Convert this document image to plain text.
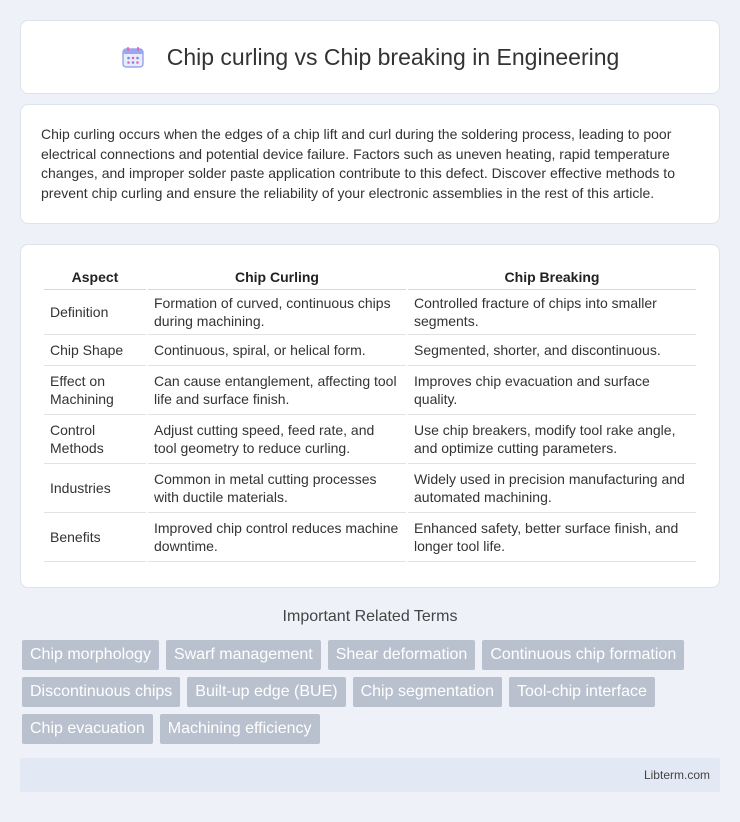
Chip curling vs Chip breaking in Engineering

Chip curling occurs when the edges of a chip lift and curl during the soldering process, leading to poor electrical connections and potential device failure. Factors such as uneven heating, rapid temperature changes, and improper solder paste application contribute to this defect. Discover effective methods to prevent chip curling and ensure the reliability of your electronic assemblies in the rest of this article.

Aspect	Chip Curling	Chip Breaking
Definition	Formation of curved, continuous chips during machining.	Controlled fracture of chips into smaller segments.
Chip Shape	Continuous, spiral, or helical form.	Segmented, shorter, and discontinuous.
Effect on Machining	Can cause entanglement, affecting tool life and surface finish.	Improves chip evacuation and surface quality.
Control Methods	Adjust cutting speed, feed rate, and tool geometry to reduce curling.	Use chip breakers, modify tool rake angle, and optimize cutting parameters.
Industries	Common in metal cutting processes with ductile materials.	Widely used in precision manufacturing and automated machining.
Benefits	Improved chip control reduces machine downtime.	Enhanced safety, better surface finish, and longer tool life.
Important Related Terms
Chip morphology	Swarf management	Shear deformation	Continuous chip formation
Discontinuous chips	Built-up edge (BUE)	Chip segmentation	Tool-chip interface
Chip evacuation	Machining efficiency
Libterm.com
